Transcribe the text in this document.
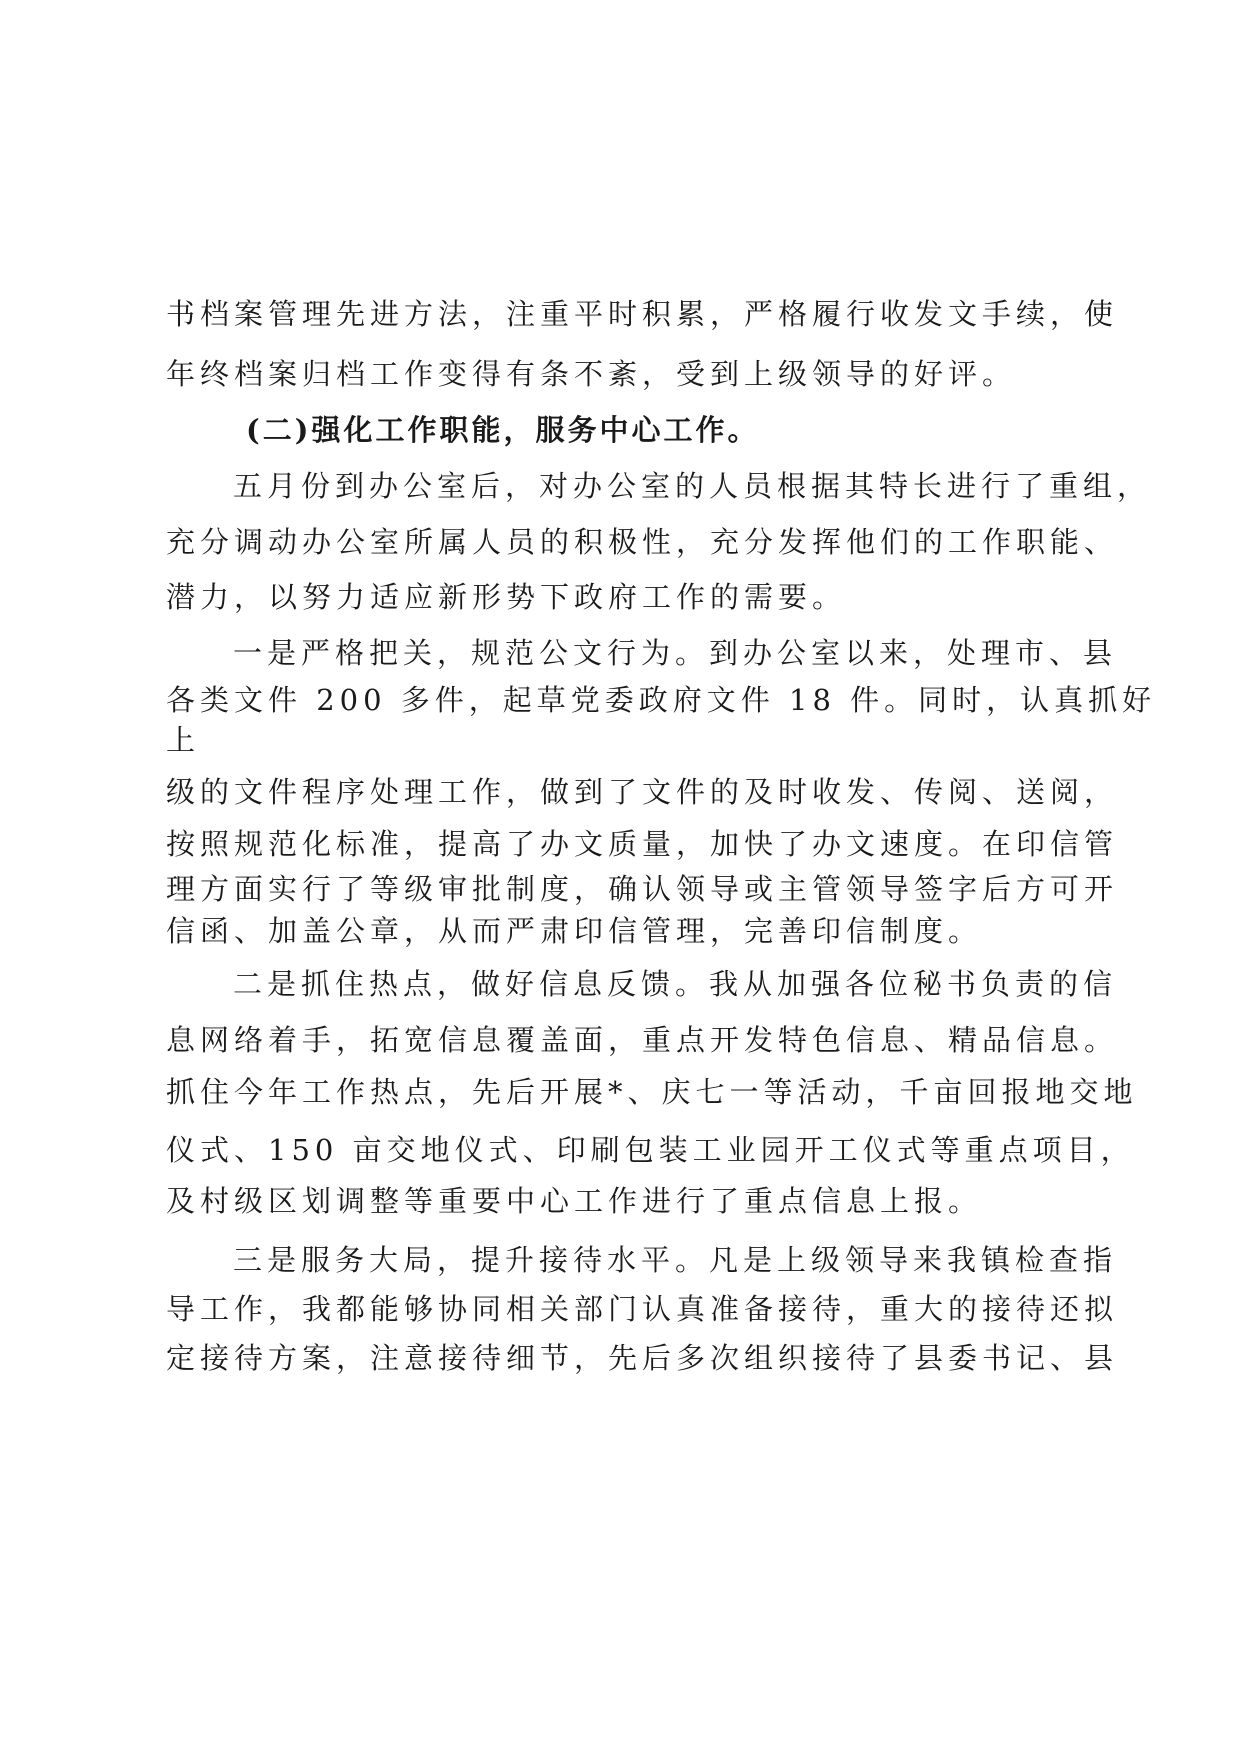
书档案管理先进方法，注重平时积累，严格履行收发文手续，使
年终档案归档工作变得有条不紊，受到上级领导的好评。
(二)强化工作职能，服务中心工作。
五月份到办公室后，对办公室的人员根据其特长进行了重组，
充分调动办公室所属人员的积极性，充分发挥他们的工作职能、
潜力，以努力适应新形势下政府工作的需要。
一是严格把关，规范公文行为。到办公室以来，处理市、县
各类文件 200 多件，起草党委政府文件 18 件。同时，认真抓好
上
级的文件程序处理工作，做到了文件的及时收发、传阅、送阅，
按照规范化标准，提高了办文质量，加快了办文速度。在印信管
理方面实行了等级审批制度，确认领导或主管领导签字后方可开
信函、加盖公章，从而严肃印信管理，完善印信制度。
二是抓住热点，做好信息反馈。我从加强各位秘书负责的信
息网络着手，拓宽信息覆盖面，重点开发特色信息、精品信息。
抓住今年工作热点，先后开展*、庆七一等活动，千亩回报地交地
仪式、150 亩交地仪式、印刷包装工业园开工仪式等重点项目，
及村级区划调整等重要中心工作进行了重点信息上报。
三是服务大局，提升接待水平。凡是上级领导来我镇检查指
导工作，我都能够协同相关部门认真准备接待，重大的接待还拟
定接待方案，注意接待细节，先后多次组织接待了县委书记、县
